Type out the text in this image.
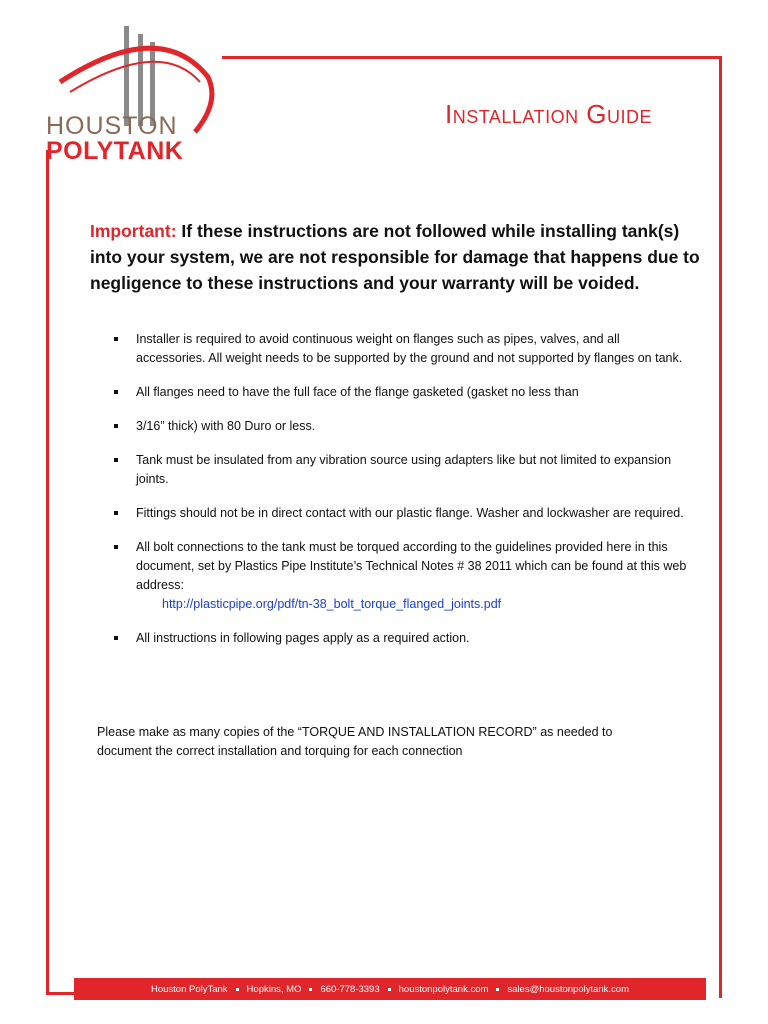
HOUSTON
POLYTANK
Installation Guide
Important: If these instructions are not followed while installing tank(s) into your system, we are not responsible for damage that happens due to negligence to these instructions and your warranty will be voided.
Installer is required to avoid continuous weight on flanges such as pipes, valves, and all accessories. All weight needs to be supported by the ground and not supported by flanges on tank.
All flanges need to have the full face of the flange gasketed (gasket no less than
3/16” thick) with 80 Duro or less.
Tank must be insulated from any vibration source using adapters like but not limited to expansion joints.
Fittings should not be in direct contact with our plastic flange. Washer and lockwasher are required.
All bolt connections to the tank must be torqued according to the guidelines provided here in this document, set by Plastics Pipe Institute’s Technical Notes # 38 2011 which can be found at this web address:
http://plasticpipe.org/pdf/tn-38_bolt_torque_flanged_joints.pdf
All instructions in following pages apply as a required action.
Please make as many copies of the “TORQUE AND INSTALLATION RECORD” as needed to document the correct installation and torquing for each connection
Houston PolyTank Hopkins, MO 660-778-3393 houstonpolytank.com sales@houstonpolytank.com
